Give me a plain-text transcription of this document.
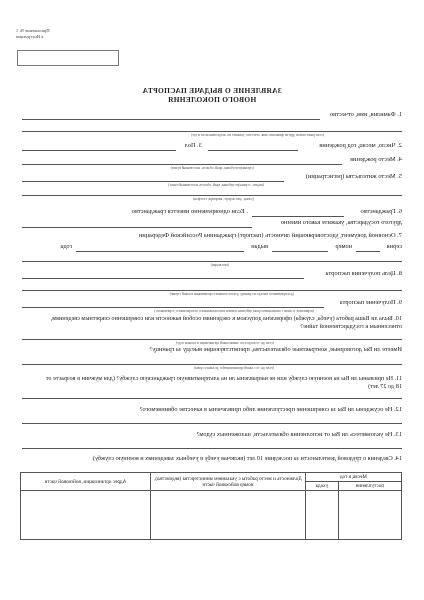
Приложение № 1
к Инструкции
ЗАЯВЛЕНИЕ О ВЫДАЧЕ ПАСПОРТА
НОВОГО ПОКОЛЕНИЯ
1. Фамилия, имя, отчество
(если ранее имели другие фамилию, имя, отчество, укажите их, когда меняли их и где)
2. Число, месяц, год рождения
3. Пол
4. Место рождения
(страна/республика, край, область, населенный пункт)
5. Место жительства (регистрации)
(индекс, страна/республика, край, область, населенный пункт)
(улица, дом, корпус, квартира, телефон)
6. Гражданство
. Если одновременно имеется гражданство
другого государства, укажите какого именно
7. Основной документ, удостоверяющий личность (паспорт) гражданина Российской Федерации
серия
номер
выдан
года
(кем выдан)
8. Цель получения паспорта
(для временного выезда за границу, для постоянного проживания в какой стране)
9. Получение паспорта
(первичное, в связи с окончанием срока действия, взамен использованного, испорченного, утраченного)
10. Была ли Ваша работа (учеба, служба) оформлена допуском к сведениям особой важности или совершенно секретным сведениям, отнесенным к государственной тайне?
(если да, то когда и по линии какой организации и в каком году)
Имеете ли Вы договорные, контрактные обязательства, препятствующие выезду за границу?
(если да, то с какой организацией и до какого срока)
11. Не призваны ли Вы на военную службу или не направлены ли на альтернативную гражданскую службу? (для мужчин в возрасте от 18 до 27 лет)
12. Не осуждены ли Вы за совершение преступления либо привлечены в качестве обвиняемого?
13. Не уклоняетесь ли Вы от исполнения обязательств, наложенных судом?
14. Сведения о трудовой деятельности за последние 10 лет (включая учебу в учебных заведениях и военную службу)
Месяц и год		Должность и место работы с указанием министерства (ведомства), номер войсковой части	Адрес организации, войсковой части
поступления	ухода		
